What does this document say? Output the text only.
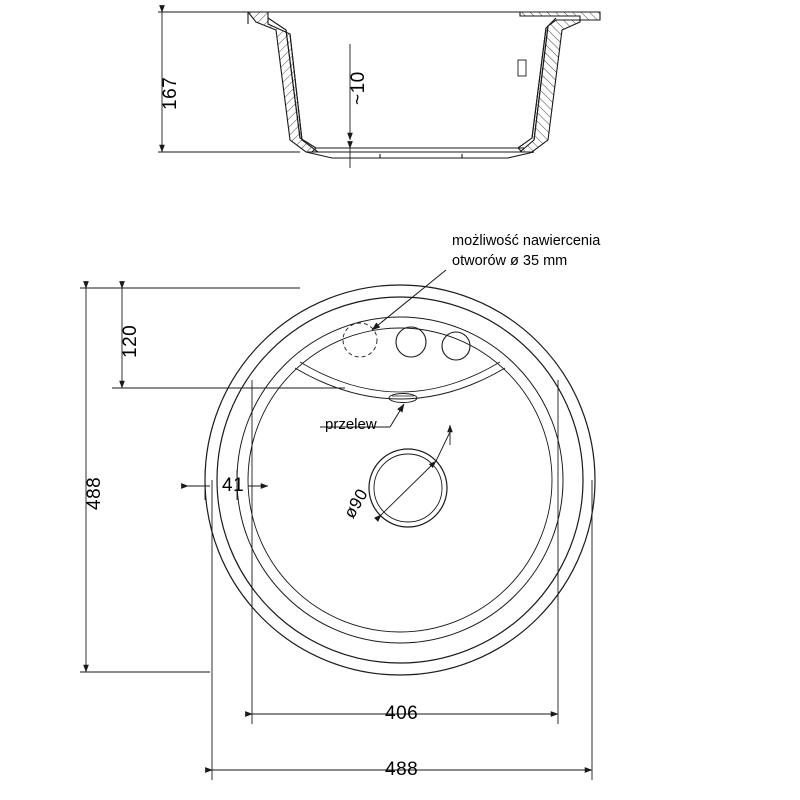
167	~10
możliwość nawiercenia
otworów ø 35 mm
120
488	41
przelew
ø90
406
488
